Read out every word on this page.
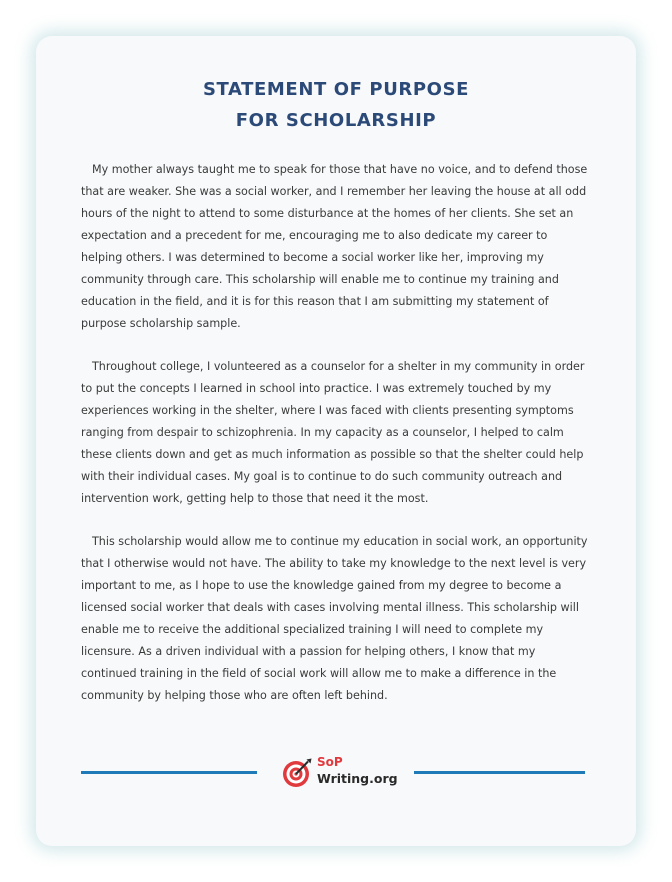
STATEMENT OF PURPOSE
FOR SCHOLARSHIP

My mother always taught me to speak for those that have no voice, and to defend those that are weaker. She was a social worker, and I remember her leaving the house at all odd hours of the night to attend to some disturbance at the homes of her clients. She set an expectation and a precedent for me, encouraging me to also dedicate my career to helping others. I was determined to become a social worker like her, improving my community through care. This scholarship will enable me to continue my training and education in the field, and it is for this reason that I am submitting my statement of purpose scholarship sample.

Throughout college, I volunteered as a counselor for a shelter in my community in order to put the concepts I learned in school into practice. I was extremely touched by my experiences working in the shelter, where I was faced with clients presenting symptoms ranging from despair to schizophrenia. In my capacity as a counselor, I helped to calm these clients down and get as much information as possible so that the shelter could help with their individual cases. My goal is to continue to do such community outreach and intervention work, getting help to those that need it the most.

This scholarship would allow me to continue my education in social work, an opportunity that I otherwise would not have. The ability to take my knowledge to the next level is very important to me, as I hope to use the knowledge gained from my degree to become a licensed social worker that deals with cases involving mental illness. This scholarship will enable me to receive the additional specialized training I will need to complete my licensure. As a driven individual with a passion for helping others, I know that my continued training in the field of social work will allow me to make a difference in the community by helping those who are often left behind.

SoP
Writing.org
